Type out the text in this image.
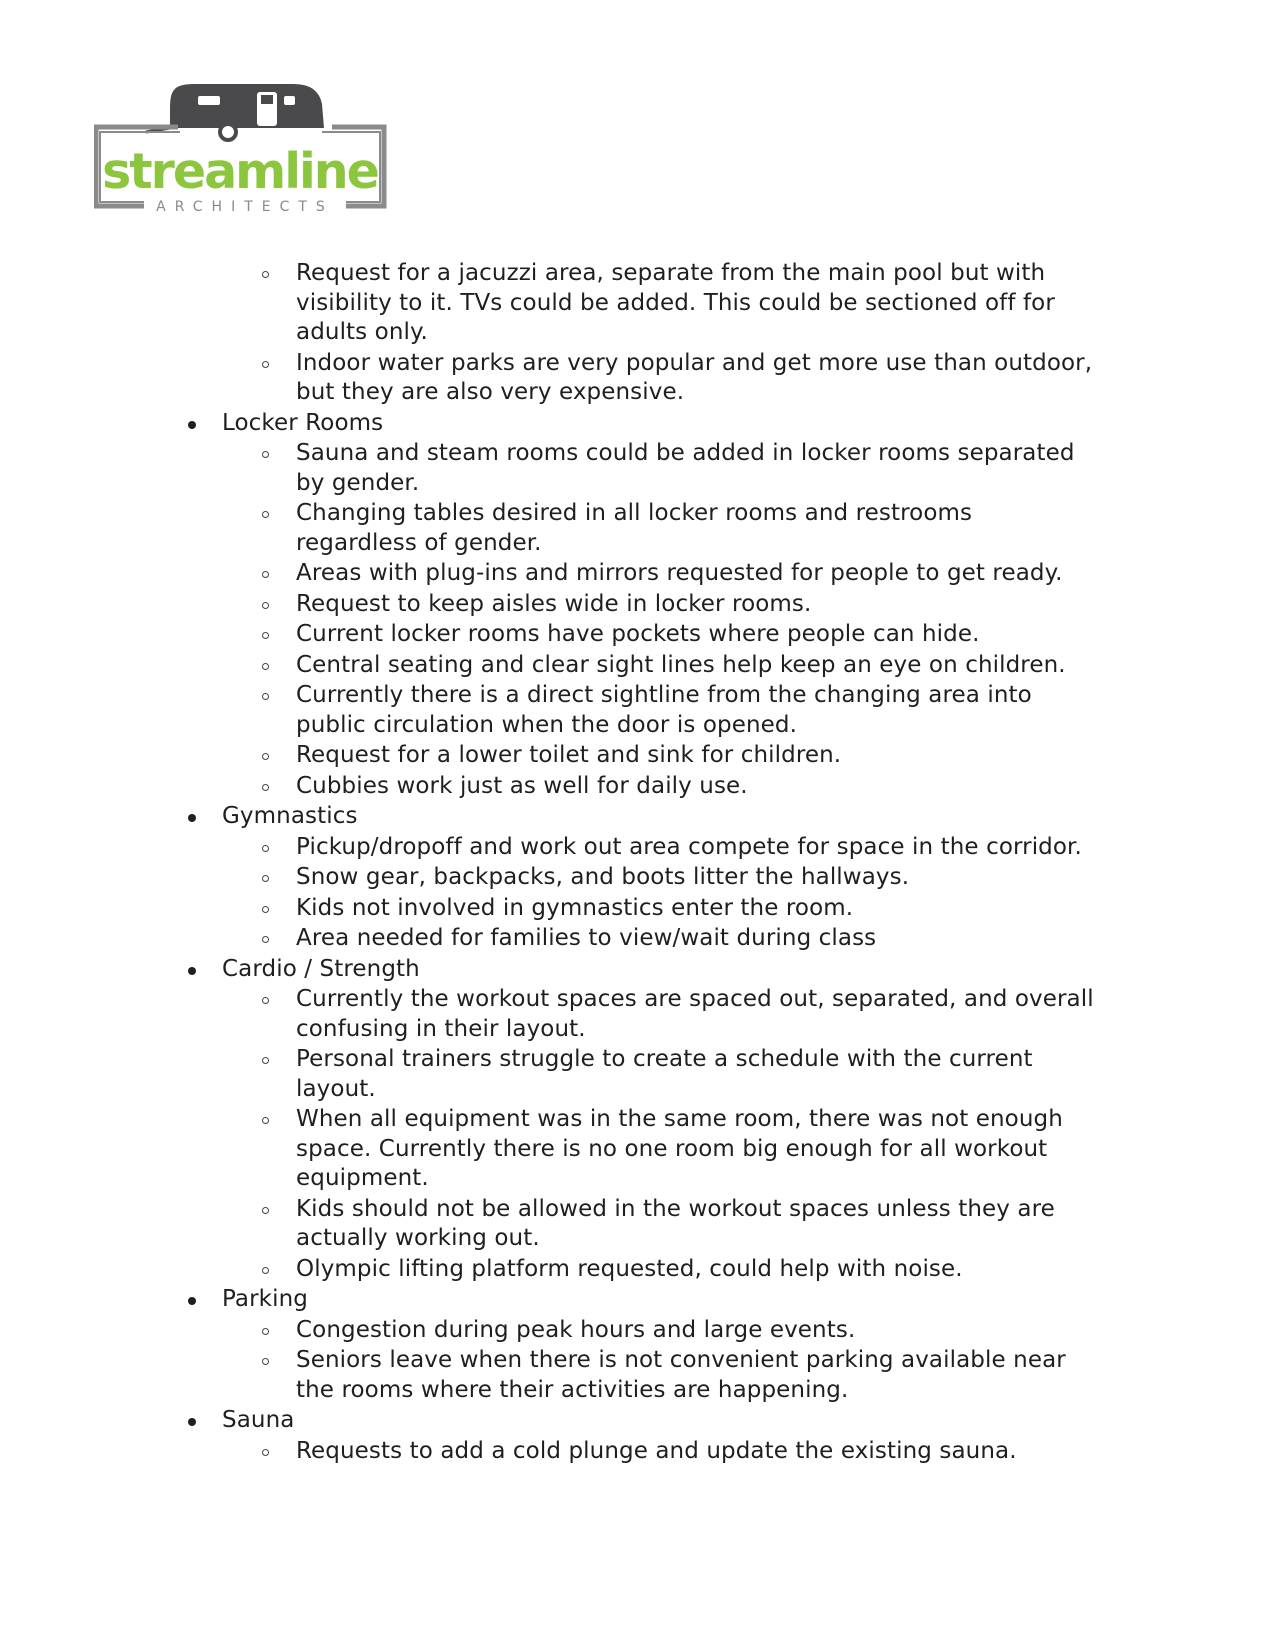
streamline
ARCHITECTS
Request for a jacuzzi area, separate from the main pool but with
visibility to it. TVs could be added. This could be sectioned off for
adults only.
Indoor water parks are very popular and get more use than outdoor,
but they are also very expensive.
Locker Rooms
Sauna and steam rooms could be added in locker rooms separated
by gender.
Changing tables desired in all locker rooms and restrooms
regardless of gender.
Areas with plug-ins and mirrors requested for people to get ready.
Request to keep aisles wide in locker rooms.
Current locker rooms have pockets where people can hide.
Central seating and clear sight lines help keep an eye on children.
Currently there is a direct sightline from the changing area into
public circulation when the door is opened.
Request for a lower toilet and sink for children.
Cubbies work just as well for daily use.
Gymnastics
Pickup/dropoff and work out area compete for space in the corridor.
Snow gear, backpacks, and boots litter the hallways.
Kids not involved in gymnastics enter the room.
Area needed for families to view/wait during class
Cardio / Strength
Currently the workout spaces are spaced out, separated, and overall
confusing in their layout.
Personal trainers struggle to create a schedule with the current
layout.
When all equipment was in the same room, there was not enough
space. Currently there is no one room big enough for all workout
equipment.
Kids should not be allowed in the workout spaces unless they are
actually working out.
Olympic lifting platform requested, could help with noise.
Parking
Congestion during peak hours and large events.
Seniors leave when there is not convenient parking available near
the rooms where their activities are happening.
Sauna
Requests to add a cold plunge and update the existing sauna.
